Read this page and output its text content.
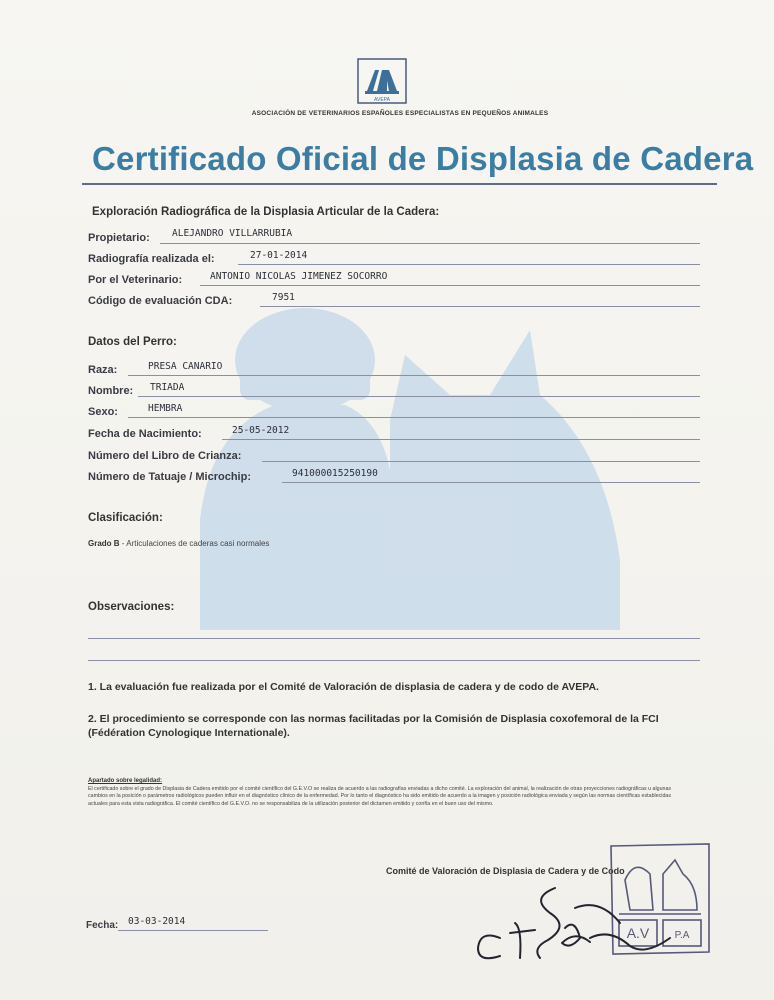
AVEPA
ASOCIACIÓN DE VETERINARIOS ESPAÑOLES ESPECIALISTAS EN PEQUEÑOS ANIMALES
Certificado Oficial de Displasia de Cadera
Exploración Radiográfica de la Displasia Articular de la Cadera:
Propietario: ALEJANDRO VILLARRUBIA
Radiografía realizada el:	27-01-2014
Por el Veterinario:	ANTONIO NICOLAS JIMENEZ SOCORRO
Código de evaluación CDA:	7951
Datos del Perro:
Raza:	PRESA CANARIO
Nombre: TRIADA
Sexo:	HEMBRA
Fecha de Nacimiento:	25-05-2012
Número del Libro de Crianza:
Número de Tatuaje / Microchip:	941000015250190
Clasificación:
Grado B - Articulaciones de caderas casi normales
Observaciones:
1. La evaluación fue realizada por el Comité de Valoración de displasia de cadera y de codo de AVEPA.
2. El procedimiento se corresponde con las normas facilitadas por la Comisión de Displasia coxofemoral de la FCI (Fédération Cynologique Internationale).
Apartado sobre legalidad:
El certificado sobre el grado de Displasia de Cadera emitido por el comité científico del G.E.V.O se realiza de acuerdo a las radiografías enviadas a dicho comité. La exploración del animal, la realización de otras proyecciones radiográficas u algunas cambios en la posición o parámetros radiológicos pueden influir en el diagnóstico clínico de la enfermedad. Por lo tanto el diagnóstico ha sido emitido de acuerdo a la imagen y posición radiológica enviada y según las normas científicas establecidas actuales para esta vista radiográfica. El comité científico del G.E.V.O. no se responsabiliza de la utilización posterior del dictamen emitido y confía en el buen uso del mismo.
Comité de Valoración de Displasia de Cadera y de Codo
Fecha: 03-03-2014
A.V	P.A
